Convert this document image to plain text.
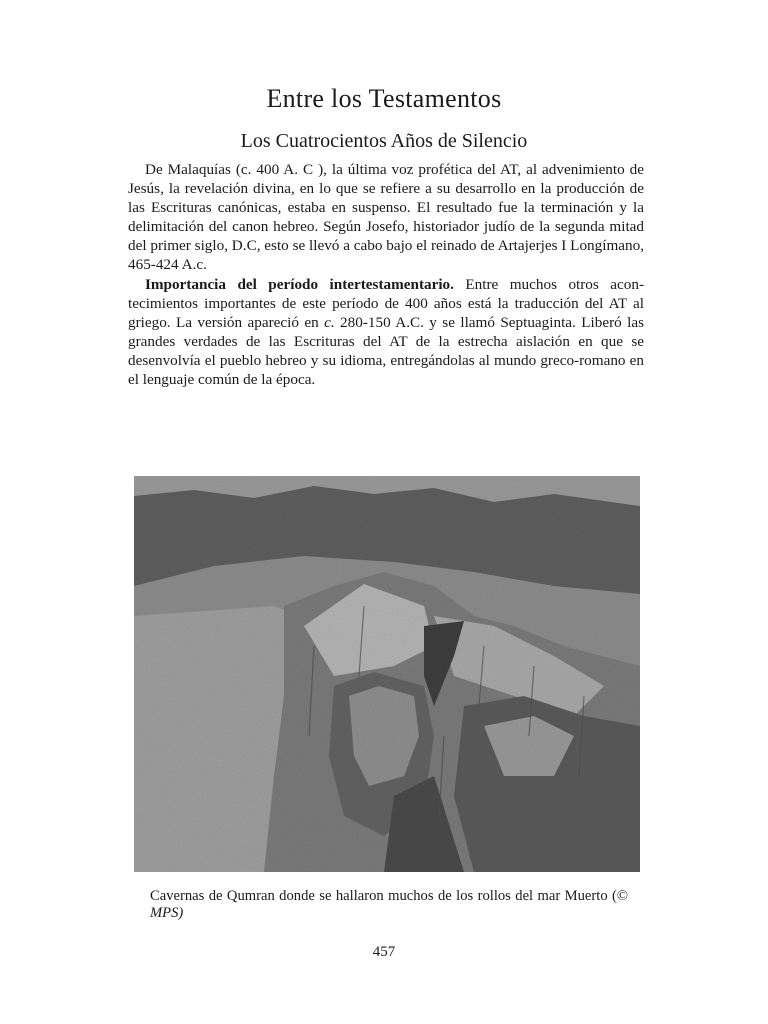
Entre los Testamentos
Los Cuatrocientos Años de Silencio

De Malaquías (c. 400 A. C ), la última voz profética del AT, al advenimiento de Jesús, la revelación divina, en lo que se refiere a su desarrollo en la producción de las Escrituras canónicas, estaba en suspenso. El resultado fue la terminación y la delimitación del canon hebreo. Según Josefo, historiador judío de la segunda mitad del primer siglo, D.C, esto se llevó a cabo bajo el reinado de Artajerjes I Longímano, 465-424 A.c.

Importancia del período intertestamentario. Entre muchos otros acontecimientos importantes de este período de 400 años está la traducción del AT al griego. La versión apareció en c. 280-150 A.C. y se llamó Septuaginta. Liberó las grandes verdades de las Escrituras del AT de la estrecha aislación en que se desenvolvía el pueblo hebreo y su idioma, entregándolas al mundo greco-romano en el lenguaje común de la época.

Cavernas de Qumran donde se hallaron muchos de los rollos del mar Muerto (© MPS)
457
